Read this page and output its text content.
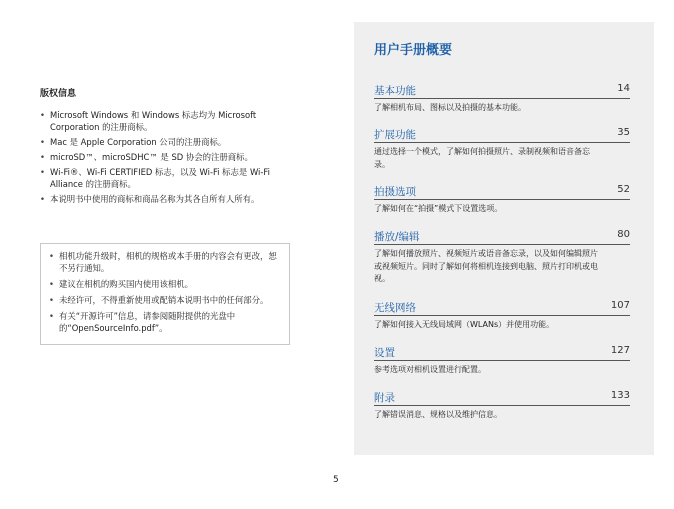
版权信息
• Microsoft Windows 和 Windows 标志均为 Microsoft Corporation 的注册商标。
• Mac 是 Apple Corporation 公司的注册商标。
• microSD™、microSDHC™ 是 SD 协会的注册商标。
• Wi-Fi®、Wi-Fi CERTIFIED 标志，以及 Wi-Fi 标志是 Wi-Fi Alliance 的注册商标。
• 本说明书中使用的商标和商品名称为其各自所有人所有。
• 相机功能升级时，相机的规格或本手册的内容会有更改，恕不另行通知。
• 建议在相机的购买国内使用该相机。
• 未经许可，不得重新使用或配销本说明书中的任何部分。
• 有关“开源许可”信息，请参阅随附提供的光盘中的“OpenSourceInfo.pdf”。
用户手册概要
基本功能	14
了解相机布局、图标以及拍摄的基本功能。
扩展功能	35
通过选择一个模式，了解如何拍摄照片、录制视频和语音备忘录。
拍摄选项	52
了解如何在“拍摄”模式下设置选项。
播放/编辑	80
了解如何播放照片、视频短片或语音备忘录，以及如何编辑照片或视频短片。同时了解如何将相机连接到电脑、照片打印机或电视。
无线网络	107
了解如何接入无线局域网（WLANs）并使用功能。
设置	127
参考选项对相机设置进行配置。
附录	133
了解错误消息、规格以及维护信息。
5
